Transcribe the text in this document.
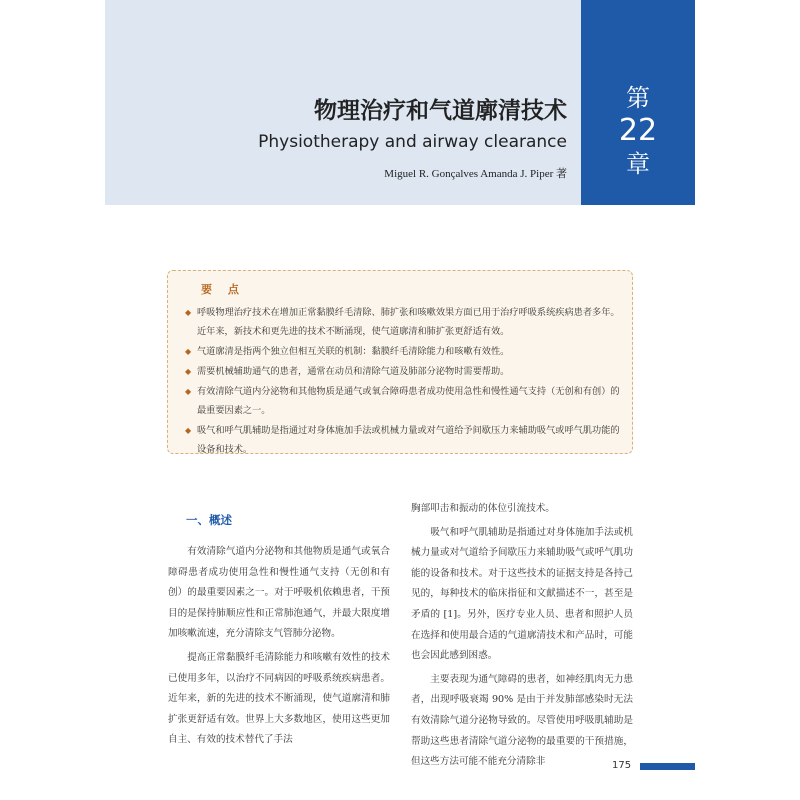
物理治疗和气道廓清技术
Physiotherapy and airway clearance
Miguel R. Gonçalves Amanda J. Piper 著
第
22
章
要 点
◆ 呼吸物理治疗技术在增加正常黏膜纤毛清除、肺扩张和咳嗽效果方面已用于治疗呼吸系统疾病患者多年。近年来，新技术和更先进的技术不断涌现，使气道廓清和肺扩张更舒适有效。
◆ 气道廓清是指两个独立但相互关联的机制：黏膜纤毛清除能力和咳嗽有效性。
◆ 需要机械辅助通气的患者，通常在动员和清除气道及肺部分泌物时需要帮助。
◆ 有效清除气道内分泌物和其他物质是通气或氧合障碍患者成功使用急性和慢性通气支持（无创和有创）的最重要因素之一。
◆ 吸气和呼气肌辅助是指通过对身体施加手法或机械力量或对气道给予间歇压力来辅助吸气或呼气肌功能的设备和技术。
一、概述

有效清除气道内分泌物和其他物质是通气或氧合障碍患者成功使用急性和慢性通气支持（无创和有创）的最重要因素之一。对于呼吸机依赖患者，干预目的是保持肺顺应性和正常肺泡通气，并最大限度增加咳嗽流速，充分清除支气管肺分泌物。

提高正常黏膜纤毛清除能力和咳嗽有效性的技术已使用多年，以治疗不同病因的呼吸系统疾病患者。近年来，新的先进的技术不断涌现，使气道廓清和肺扩张更舒适有效。世界上大多数地区，使用这些更加自主、有效的技术替代了手法

胸部叩击和振动的体位引流技术。

吸气和呼气肌辅助是指通过对身体施加手法或机械力量或对气道给予间歇压力来辅助吸气或呼气肌功能的设备和技术。对于这些技术的证据支持是各持己见的，每种技术的临床指征和文献描述不一，甚至是矛盾的 [1]。另外，医疗专业人员、患者和照护人员在选择和使用最合适的气道廓清技术和产品时，可能也会因此感到困惑。

主要表现为通气障碍的患者，如神经肌肉无力患者，出现呼吸衰竭 90% 是由于并发肺部感染时无法有效清除气道分泌物导致的。尽管使用呼吸肌辅助是帮助这些患者清除气道分泌物的最重要的干预措施，但这些方法可能不能充分清除非	175
